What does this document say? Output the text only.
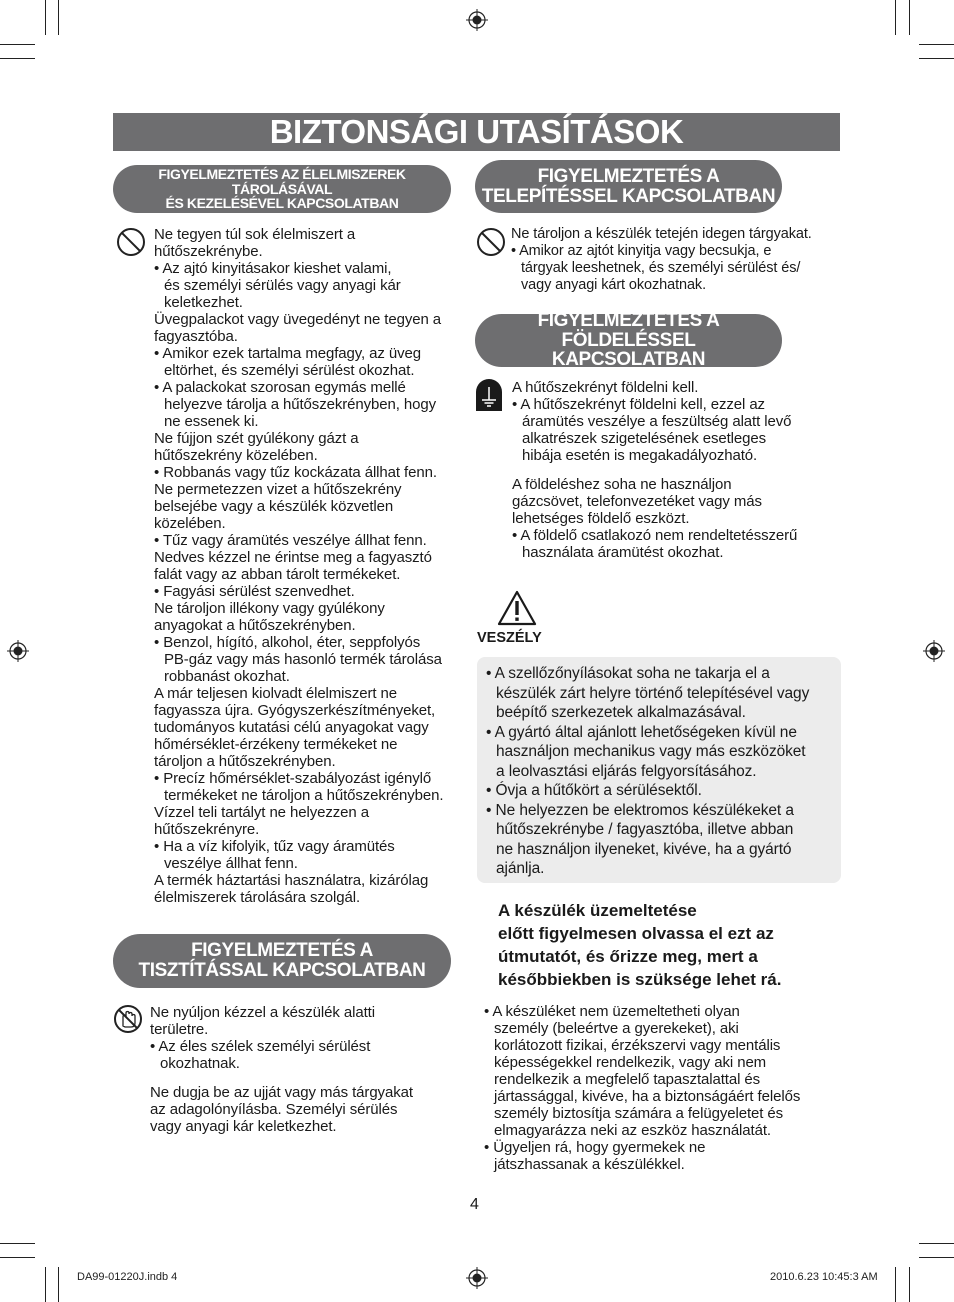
BIZTONSÁGI UTASÍTÁSOK
FIGYELMEZTETÉS AZ ÉLELMISZEREK TÁROLÁSÁVAL
ÉS KEZELÉSÉVEL KAPCSOLATBAN
Ne tegyen túl sok élelmiszert a
hűtőszekrénybe.
• Az ajtó kinyitásakor kieshet valami,
és személyi sérülés vagy anyagi kár
keletkezhet.
Üvegpalackot vagy üvegedényt ne tegyen a
fagyasztóba.
• Amikor ezek tartalma megfagy, az üveg
eltörhet, és személyi sérülést okozhat.
• A palackokat szorosan egymás mellé
helyezve tárolja a hűtőszekrényben, hogy
ne essenek ki.
Ne fújjon szét gyúlékony gázt a
hűtőszekrény közelében.
• Robbanás vagy tűz kockázata állhat fenn.
Ne permetezzen vizet a hűtőszekrény
belsejébe vagy a készülék közvetlen
közelében.
• Tűz vagy áramütés veszélye állhat fenn.
Nedves kézzel ne érintse meg a fagyasztó
falát vagy az abban tárolt termékeket.
• Fagyási sérülést szenvedhet.
Ne tároljon illékony vagy gyúlékony
anyagokat a hűtőszekrényben.
• Benzol, hígító, alkohol, éter, seppfolyós
PB-gáz vagy más hasonló termék tárolása
robbanást okozhat.
A már teljesen kiolvadt élelmiszert ne
fagyassza újra. Gyógyszerkészítményeket,
tudományos kutatási célú anyagokat vagy
hőmérséklet-érzékeny termékeket ne
tároljon a hűtőszekrényben.
• Precíz hőmérséklet-szabályozást igénylő
termékeket ne tároljon a hűtőszekrényben.
Vízzel teli tartályt ne helyezzen a
hűtőszekrényre.
• Ha a víz kifolyik, tűz vagy áramütés
veszélye állhat fenn.
A termék háztartási használatra, kizárólag
élelmiszerek tárolására szolgál.
FIGYELMEZTETÉS A
TISZTÍTÁSSAL KAPCSOLATBAN
Ne nyúljon kézzel a készülék alatti
területre.
• Az éles szélek személyi sérülést
okozhatnak.
Ne dugja be az ujját vagy más tárgyakat
az adagolónyílásba. Személyi sérülés
vagy anyagi kár keletkezhet.
FIGYELMEZTETÉS A
TELEPÍTÉSSEL KAPCSOLATBAN
Ne tároljon a készülék tetején idegen tárgyakat.
• Amikor az ajtót kinyitja vagy becsukja, e
tárgyak leeshetnek, és személyi sérülést és/
vagy anyagi kárt okozhatnak.
FIGYELMEZTETÉS A FÖLDELÉSSEL
KAPCSOLATBAN
A hűtőszekrényt földelni kell.
• A hűtőszekrényt földelni kell, ezzel az
áramütés veszélye a feszültség alatt levő
alkatrészek szigetelésének esetleges
hibája esetén is megakadályozható.
A földeléshez soha ne használjon
gázcsövet, telefonvezetéket vagy más
lehetséges földelő eszközt.
• A földelő csatlakozó nem rendeltetésszerű
használata áramütést okozhat.
VESZÉLY
• A szellőzőnyílásokat soha ne takarja el a
készülék zárt helyre történő telepítésével vagy
beépítő szerkezetek alkalmazásával.
• A gyártó által ajánlott lehetőségeken kívül ne
használjon mechanikus vagy más eszközöket
a leolvasztási eljárás felgyorsításához.
• Óvja a hűtőkört a sérülésektől.
• Ne helyezzen be elektromos készülékeket a
hűtőszekrénybe / fagyasztóba, illetve abban
ne használjon ilyeneket, kivéve, ha a gyártó
ajánlja.
A készülék üzemeltetése
előtt figyelmesen olvassa el ezt az
útmutatót, és őrizze meg, mert a
későbbiekben is szüksége lehet rá.
• A készüléket nem üzemeltetheti olyan
személy (beleértve a gyerekeket), aki
korlátozott fizikai, érzékszervi vagy mentális
képességekkel rendelkezik, vagy aki nem
rendelkezik a megfelelő tapasztalattal és
jártassággal, kivéve, ha a biztonságáért felelős
személy biztosítja számára a felügyeletet és
elmagyarázza neki az eszköz használatát.
• Ügyeljen rá, hogy gyermekek ne
játszhassanak a készülékkel.
4
DA99-01220J.indb 4	2010.6.23 10:45:3 AM
